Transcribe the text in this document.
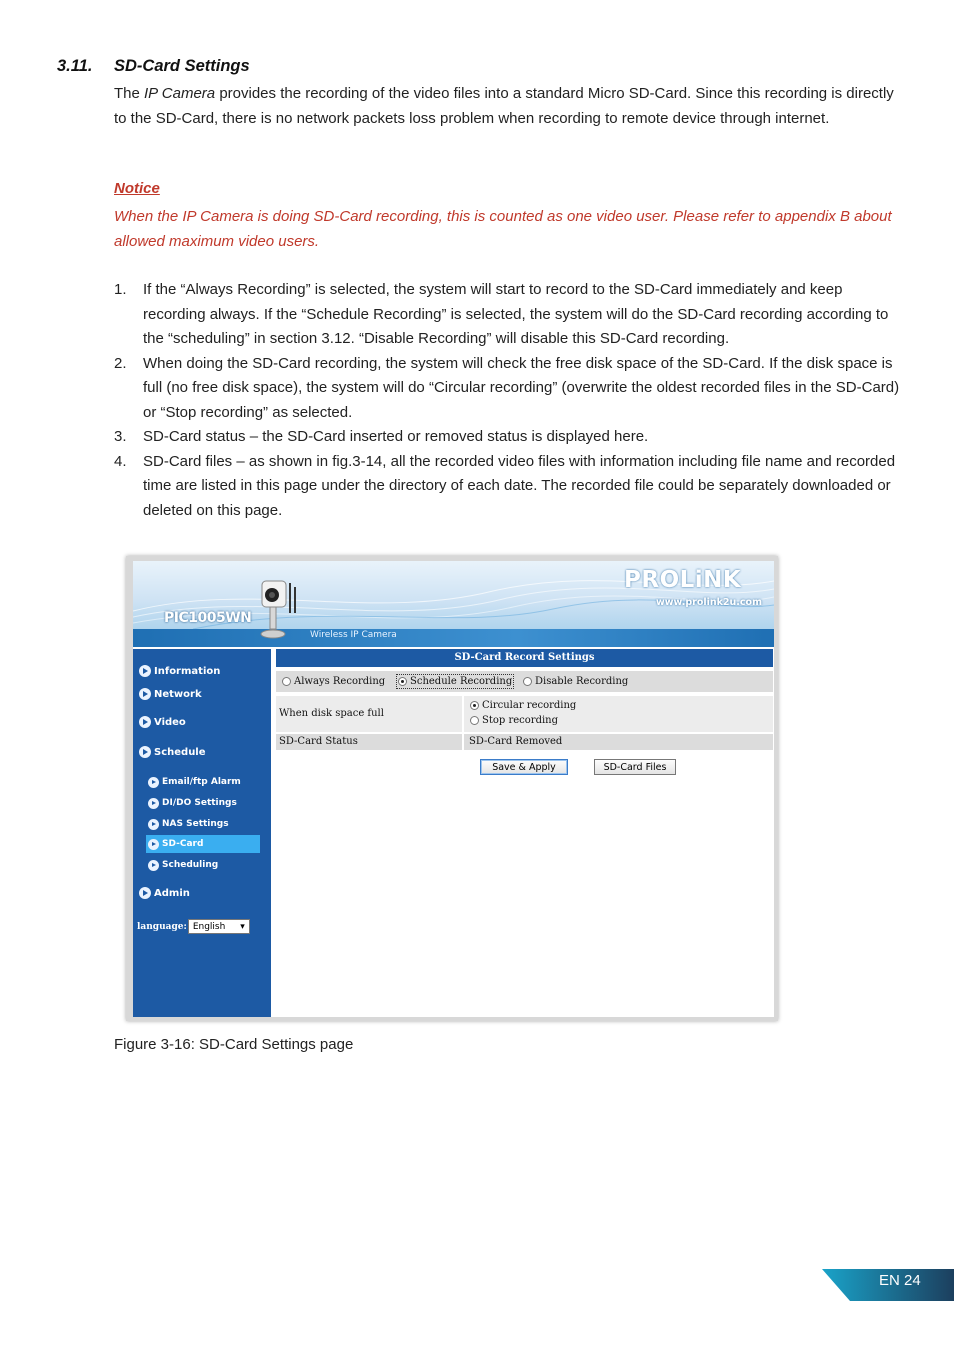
3.11. SD-Card Settings
The IP Camera provides the recording of the video files into a standard Micro SD-Card. Since this recording is directly to the SD-Card, there is no network packets loss problem when recording to remote device through internet.
Notice
When the IP Camera is doing SD-Card recording, this is counted as one video user. Please refer to appendix B about allowed maximum video users.
1.	If the “Always Recording” is selected, the system will start to record to the SD-Card immediately and keep recording always. If the “Schedule Recording” is selected, the system will do the SD-Card recording according to the “scheduling” in section 3.12. “Disable Recording” will disable this SD-Card recording.
2.	When doing the SD-Card recording, the system will check the free disk space of the SD-Card. If the disk space is full (no free disk space), the system will do “Circular recording” (overwrite the oldest recorded files in the SD-Card) or “Stop recording” as selected.
3.	SD-Card status – the SD-Card inserted or removed status is displayed here.
4.	SD-Card files – as shown in fig.3-14, all the recorded video files with information including file name and recorded time are listed in this page under the directory of each date. The recorded file could be separately downloaded or deleted on this page.
PIC1005WN
Wireless IP Camera
PROLiNK
www.prolink2u.com
Information
Network
Video
Schedule
Email/ftp Alarm
DI/DO Settings
NAS Settings
SD-Card
Scheduling
Admin
language: English ▾
SD-Card Record Settings
Always Recording Schedule Recording Disable Recording
When disk space full
Circular recording
Stop recording
SD-Card Status	SD-Card Removed
Save & Apply	SD-Card Files
Figure 3-16: SD-Card Settings page
EN 24
